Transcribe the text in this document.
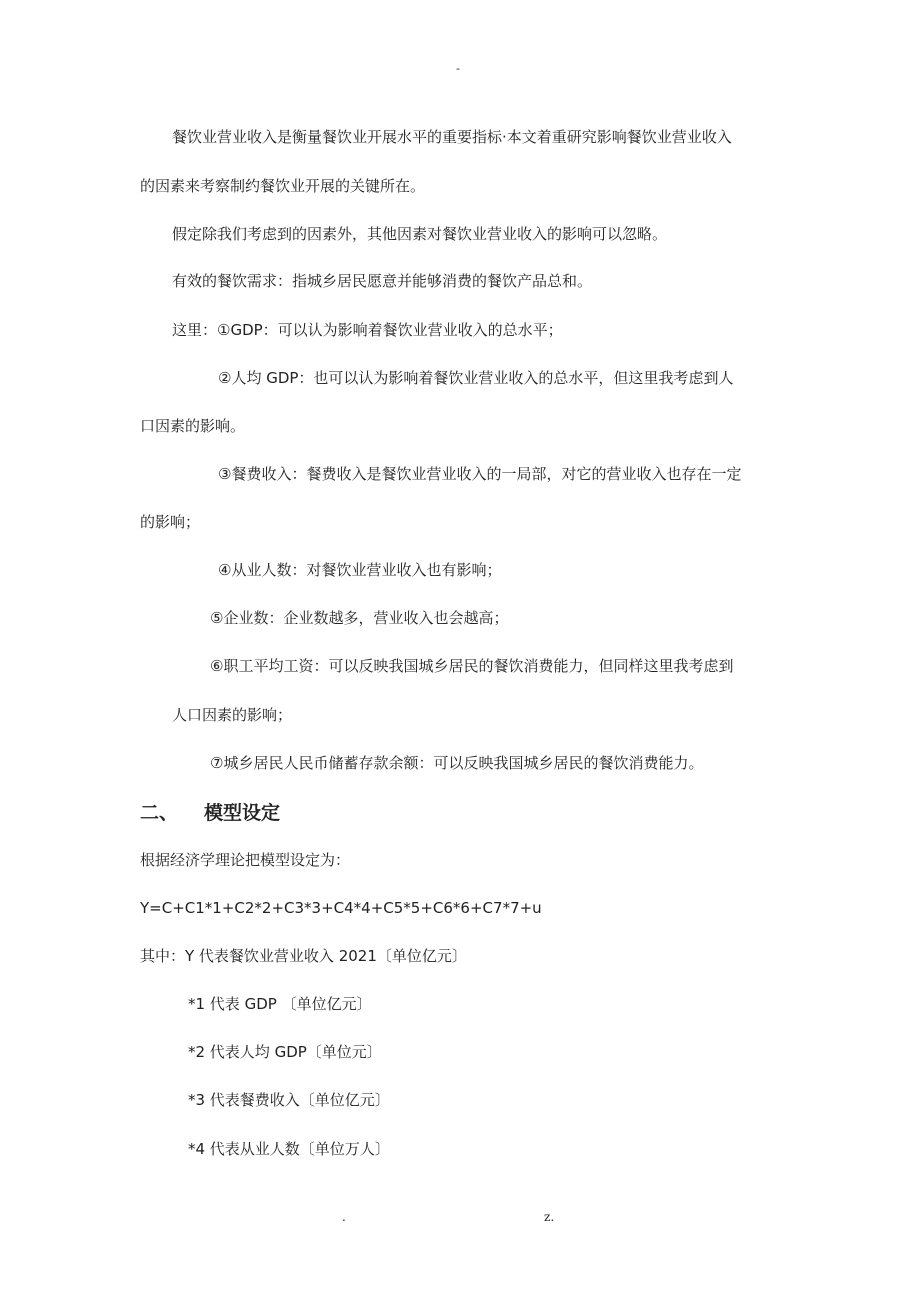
-
餐饮业营业收入是衡量餐饮业开展水平的重要指标·本文着重研究影响餐饮业营业收入
的因素来考察制约餐饮业开展的关键所在。
假定除我们考虑到的因素外，其他因素对餐饮业营业收入的影响可以忽略。
有效的餐饮需求：指城乡居民愿意并能够消费的餐饮产品总和。
这里：①GDP：可以认为影响着餐饮业营业收入的总水平；
②人均 GDP：也可以认为影响着餐饮业营业收入的总水平，但这里我考虑到人
口因素的影响。
③餐费收入：餐费收入是餐饮业营业收入的一局部，对它的营业收入也存在一定
的影响；
④从业人数：对餐饮业营业收入也有影响；
⑤企业数：企业数越多，营业收入也会越高；
⑥职工平均工资：可以反映我国城乡居民的餐饮消费能力，但同样这里我考虑到
人口因素的影响；
⑦城乡居民人民币储蓄存款余额：可以反映我国城乡居民的餐饮消费能力。
二、 模型设定
根据经济学理论把模型设定为：
Y=C+C1*1+C2*2+C3*3+C4*4+C5*5+C6*6+C7*7+u
其中：Y 代表餐饮业营业收入 2021〔单位亿元〕
*1 代表 GDP 〔单位亿元〕
*2 代表人均 GDP〔单位元〕
*3 代表餐费收入〔单位亿元〕
*4 代表从业人数〔单位万人〕
.	z.
